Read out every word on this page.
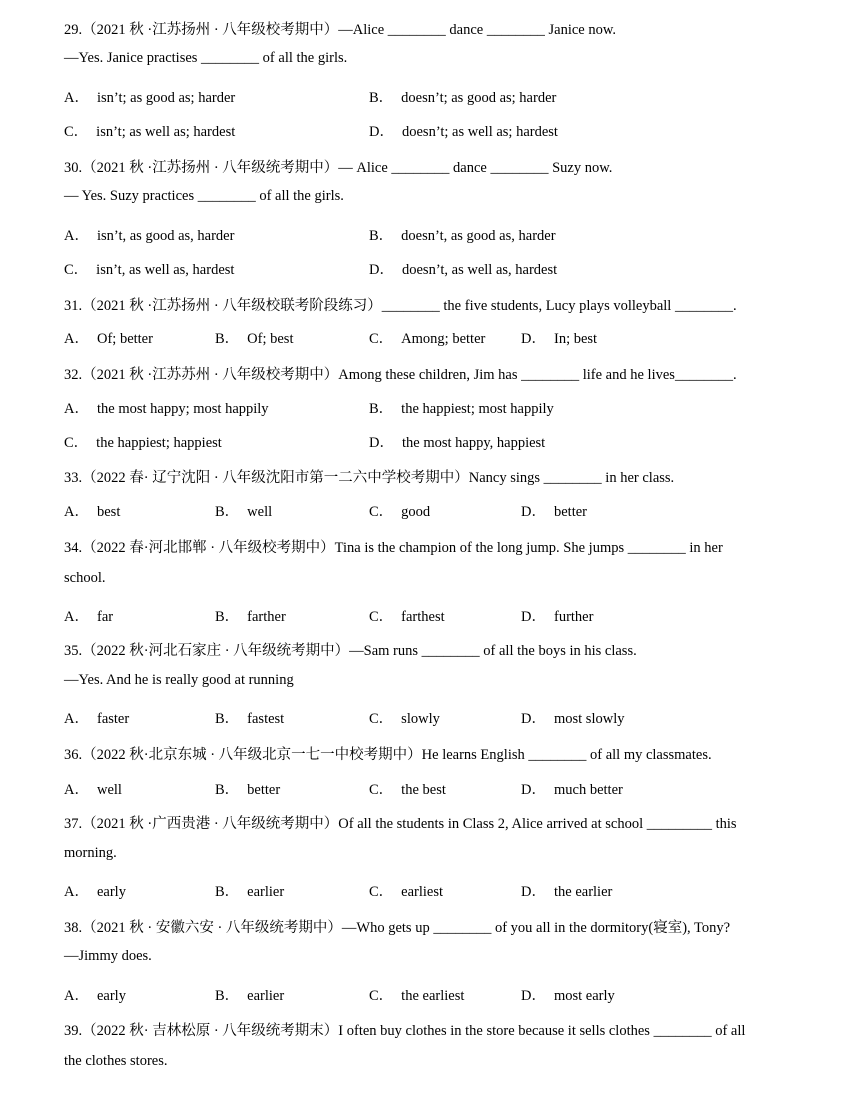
29.（2021 秋 ·江苏扬州 · 八年级校考期中）—Alice ________ dance ________ Janice now.
—Yes. Janice practises ________ of all the girls.
A． isn’t; as good as; harder	B． doesn’t; as good as; harder
C． isn’t; as well as; hardest	D． doesn’t; as well as; hardest
30.（2021 秋 ·江苏扬州 · 八年级统考期中）— Alice ________ dance ________ Suzy now.
— Yes. Suzy practices ________ of all the girls.
A． isn’t, as good as, harder	B． doesn’t, as good as, harder
C． isn’t, as well as, hardest	D． doesn’t, as well as, hardest
31.（2021 秋 ·江苏扬州 · 八年级校联考阶段练习）________ the five students, Lucy plays volleyball ________.
A． Of; better	B． Of; best	C． Among; better D． In; best
32.（2021 秋 ·江苏苏州 · 八年级校考期中）Among these children, Jim has ________ life and he lives________.
A． the most happy; most happily	B． the happiest; most happily
C． the happiest; happiest	D． the most happy, happiest
33.（2022 春· 辽宁沈阳 · 八年级沈阳市第一二六中学校考期中）Nancy sings ________ in her class.
A． best	B． well	C． good	D． better
34.（2022 春·河北邯郸 · 八年级校考期中）Tina is the champion of the long jump. She jumps ________ in her
school.
A． far	B． farther	C． farthest	D． further
35.（2022 秋·河北石家庄 · 八年级统考期中）—Sam runs ________ of all the boys in his class.
—Yes. And he is really good at running
A． faster	B． fastest	C． slowly	D． most slowly
36.（2022 秋·北京东城 · 八年级北京一七一中校考期中）He learns English ________ of all my classmates.
A． well	B． better	C． the best	D． much better
37.（2021 秋 ·广西贵港 · 八年级统考期中）Of all the students in Class 2, Alice arrived at school _________ this
morning.
A． early	B． earlier	C． earliest	D． the earlier
38.（2021 秋 · 安徽六安 · 八年级统考期中）—Who gets up ________ of you all in the dormitory(寝室), Tony?
—Jimmy does.
A． early	B． earlier	C． the earliest	D． most early
39.（2022 秋· 吉林松原 · 八年级统考期末）I often buy clothes in the store because it sells clothes ________ of all
the clothes stores.
